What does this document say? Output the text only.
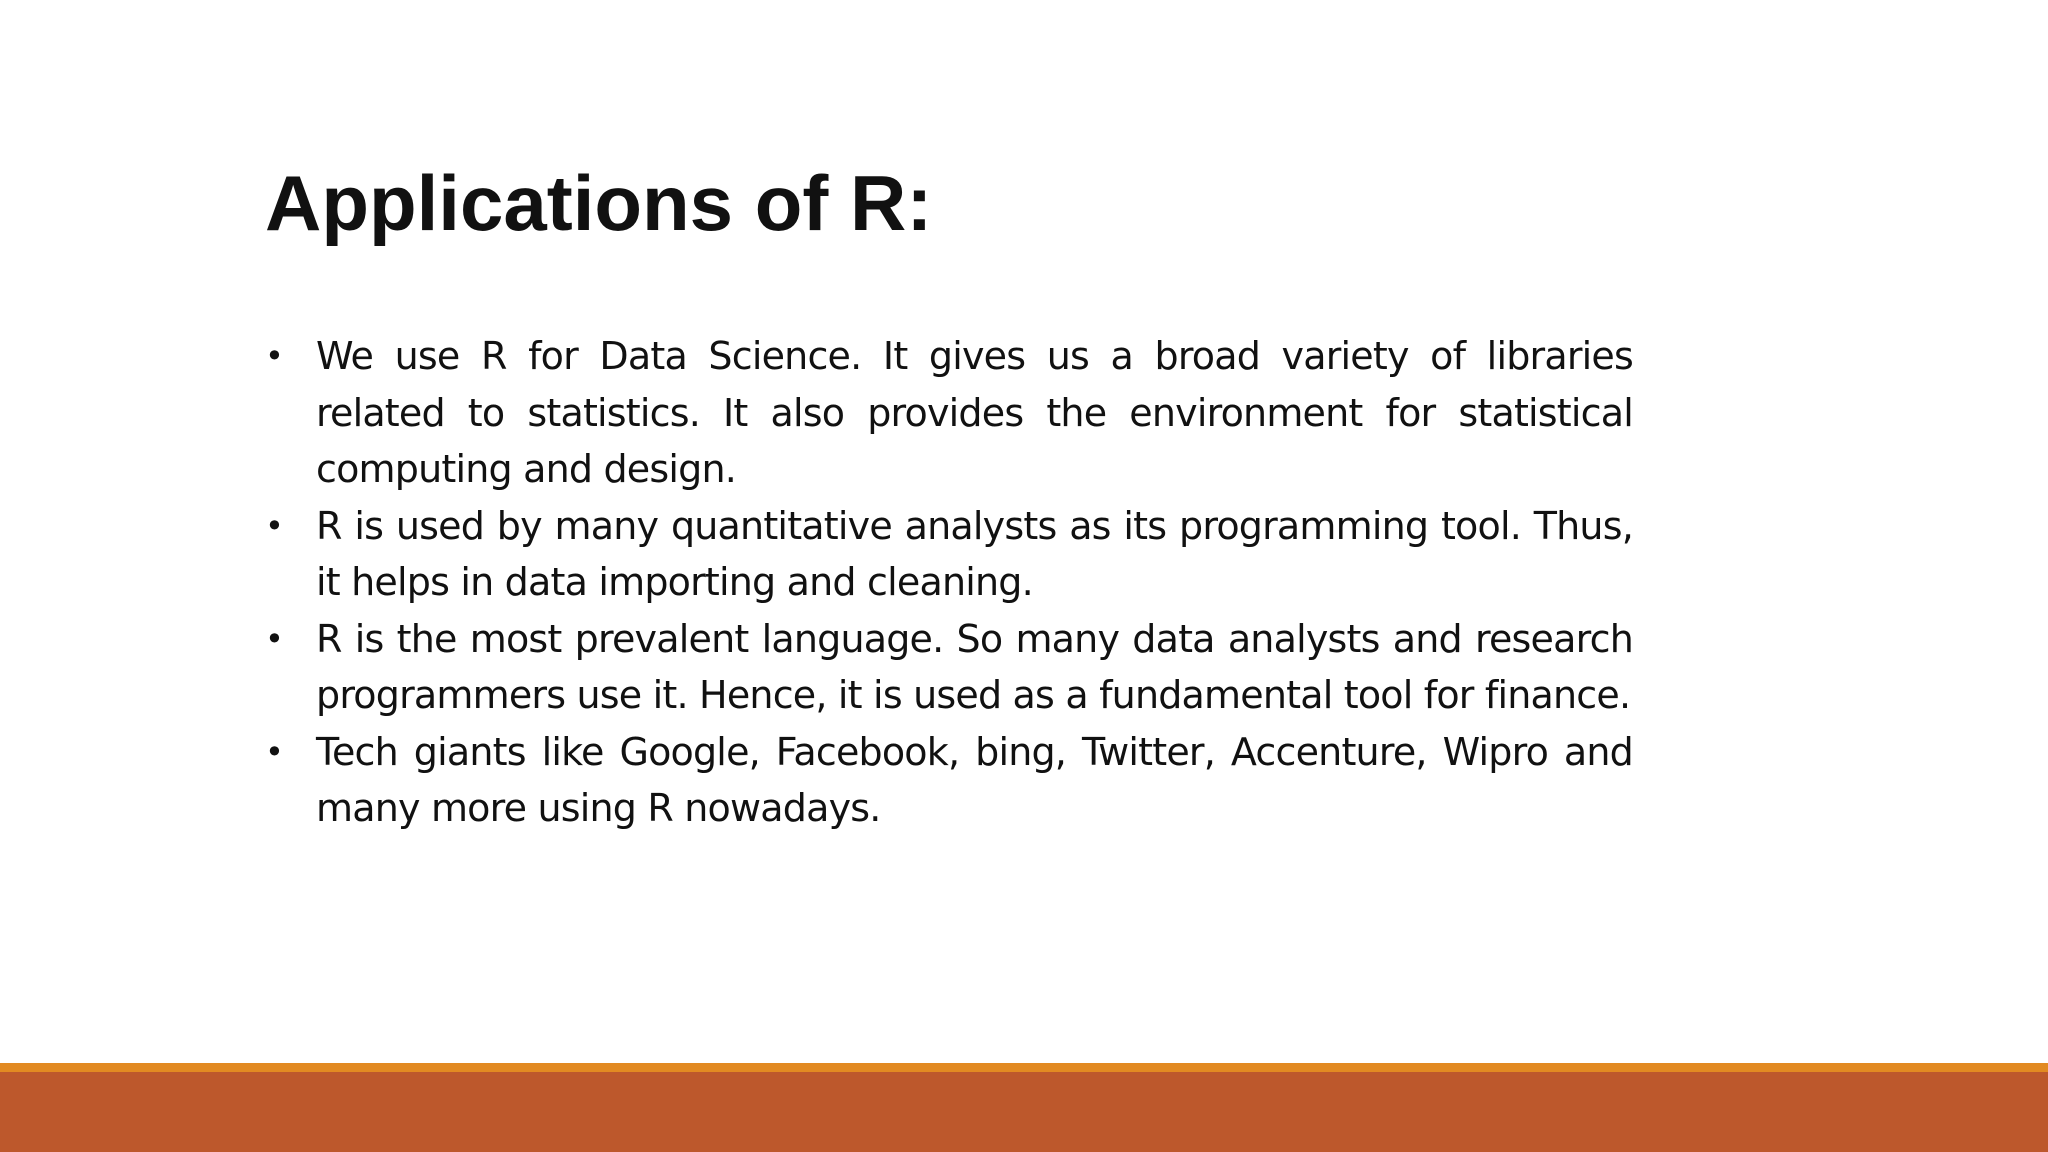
Applications of R:
• We use R for Data Science. It gives us a broad variety of libraries related to statistics. It also provides the environment for statistical computing and design.
• R is used by many quantitative analysts as its programming tool. Thus, it helps in data importing and cleaning.
• R is the most prevalent language. So many data analysts and research programmers use it. Hence, it is used as a fundamental tool for finance.
• Tech giants like Google, Facebook, bing, Twitter, Accenture, Wipro and many more using R nowadays.
